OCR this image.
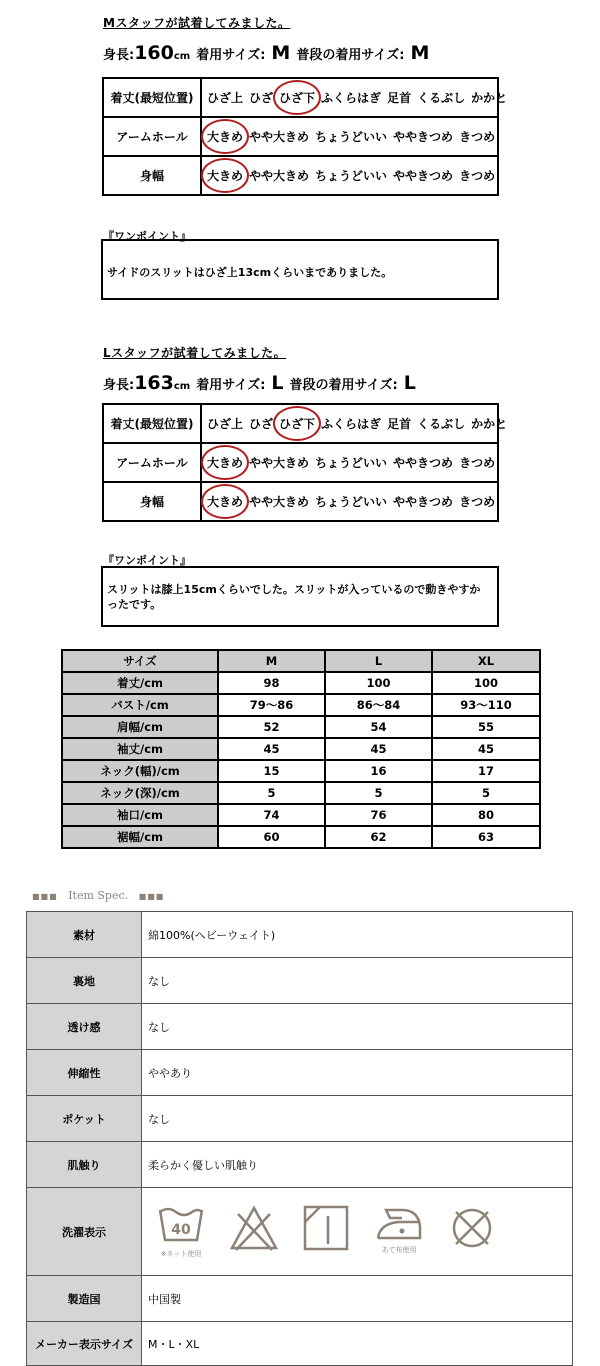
Mスタッフが試着してみました。
身長:160cm 着用サイズ: M 普段の着用サイズ: M
着丈(最短位置)	ひざ上 ひざ ひざ下 ふくらはぎ 足首 くるぶし かかと
アームホール	大きめ やや大きめ ちょうどいい ややきつめ きつめ
身幅	大きめ やや大きめ ちょうどいい ややきつめ きつめ
『ワンポイント』
サイドのスリットはひざ上13cmくらいまでありました。
Lスタッフが試着してみました。
身長:163cm 着用サイズ: L 普段の着用サイズ: L
着丈(最短位置)	ひざ上 ひざ ひざ下 ふくらはぎ 足首 くるぶし かかと
アームホール	大きめ やや大きめ ちょうどいい ややきつめ きつめ
身幅	大きめ やや大きめ ちょうどいい ややきつめ きつめ
『ワンポイント』
スリットは膝上15cmくらいでした。スリットが入っているので動きやすかったです。
サイズ	M	L	XL
着丈/cm	98	100	100
バスト/cm	79〜86	86〜84	93〜110
肩幅/cm	52	54	55
袖丈/cm	45	45	45
ネック(幅)/cm	15	16	17
ネック(深)/cm	5	5	5
袖口/cm	74	76	80
裾幅/cm	60	62	63
■■■ Item Spec. ■■■
素材	綿100%(ヘビーウェイト)
裏地	なし
透け感	なし
伸縮性	ややあり
ポケット	なし
肌触り	柔らかく優しい肌触り
洗濯表示	40
※ネット使用 あて布使用

製造国	中国製
メーカー表示サイズ	M・L・XL
